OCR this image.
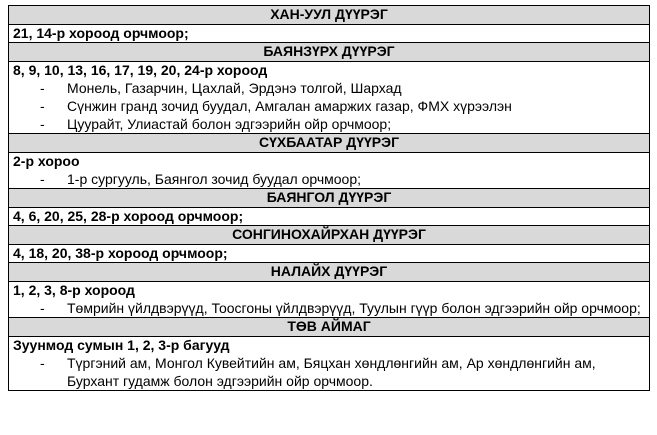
ХАН-УУЛ ДҮҮРЭГ

21, 14-р хороод орчмоор;

БАЯНЗҮРХ ДҮҮРЭГ

8, 9, 10, 13, 16, 17, 19, 20, 24-р хороод
- Монель, Газарчин, Цахлай, Эрдэнэ толгой, Шархад
- Сүнжин гранд зочид буудал, Амгалан амаржих газар, ФМХ хүрээлэн
- Цуурайт, Улиастай болон эдгээрийн ойр орчмоор;

СҮХБААТАР ДҮҮРЭГ

2-р хороо
- 1-р сургууль, Баянгол зочид буудал орчмоор;

БАЯНГОЛ ДҮҮРЭГ

4, 6, 20, 25, 28-р хороод орчмоор;

СОНГИНОХАЙРХАН ДҮҮРЭГ

4, 18, 20, 38-р хороод орчмоор;

НАЛАЙХ ДҮҮРЭГ

1, 2, 3, 8-р хороод
- Төмрийн үйлдвэрүүд, Тоосгоны үйлдвэрүүд, Туулын гүүр болон эдгээрийн ойр орчмоор;

ТӨВ АЙМАГ

Зуунмод сумын 1, 2, 3-р багууд
- Түргэний ам, Монгол Кувейтийн ам, Бяцхан хөндлөнгийн ам, Ар хөндлөнгийн ам, Бурхант гудамж болон эдгээрийн ойр орчмоор.
